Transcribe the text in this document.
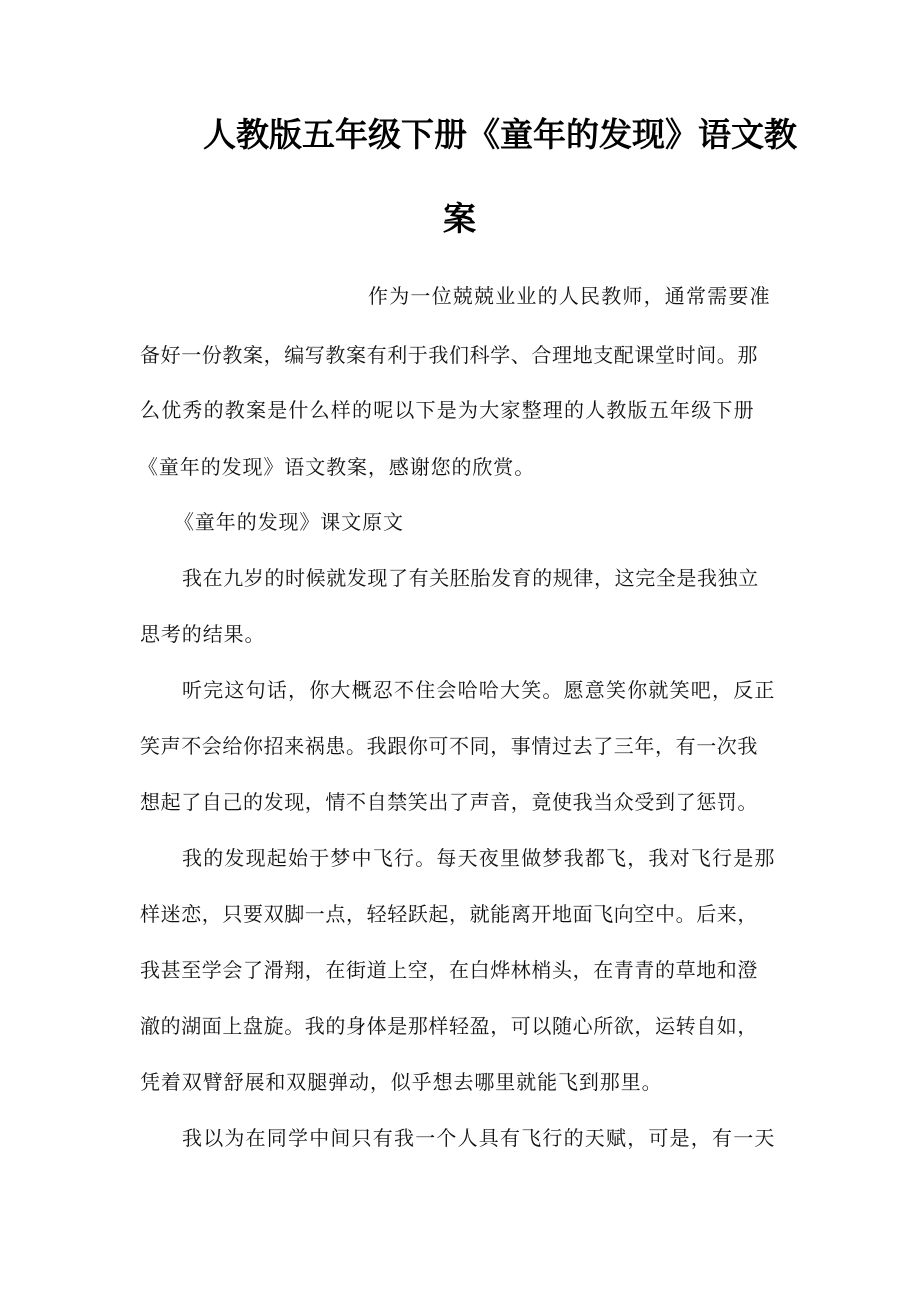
人教版五年级下册《童年的发现》语文教
案
作为一位兢兢业业的人民教师，通常需要准
备好一份教案，编写教案有利于我们科学、合理地支配课堂时间。那
么优秀的教案是什么样的呢以下是为大家整理的人教版五年级下册
《童年的发现》语文教案，感谢您的欣赏。
《童年的发现》课文原文
我在九岁的时候就发现了有关胚胎发育的规律，这完全是我独立
思考的结果。
听完这句话，你大概忍不住会哈哈大笑。愿意笑你就笑吧，反正
笑声不会给你招来祸患。我跟你可不同，事情过去了三年，有一次我
想起了自己的发现，情不自禁笑出了声音，竟使我当众受到了惩罚。
我的发现起始于梦中飞行。每天夜里做梦我都飞，我对飞行是那
样迷恋，只要双脚一点，轻轻跃起，就能离开地面飞向空中。后来，
我甚至学会了滑翔，在街道上空，在白烨林梢头，在青青的草地和澄
澈的湖面上盘旋。我的身体是那样轻盈，可以随心所欲，运转自如，
凭着双臂舒展和双腿弹动，似乎想去哪里就能飞到那里。
我以为在同学中间只有我一个人具有飞行的天赋，可是，有一天
